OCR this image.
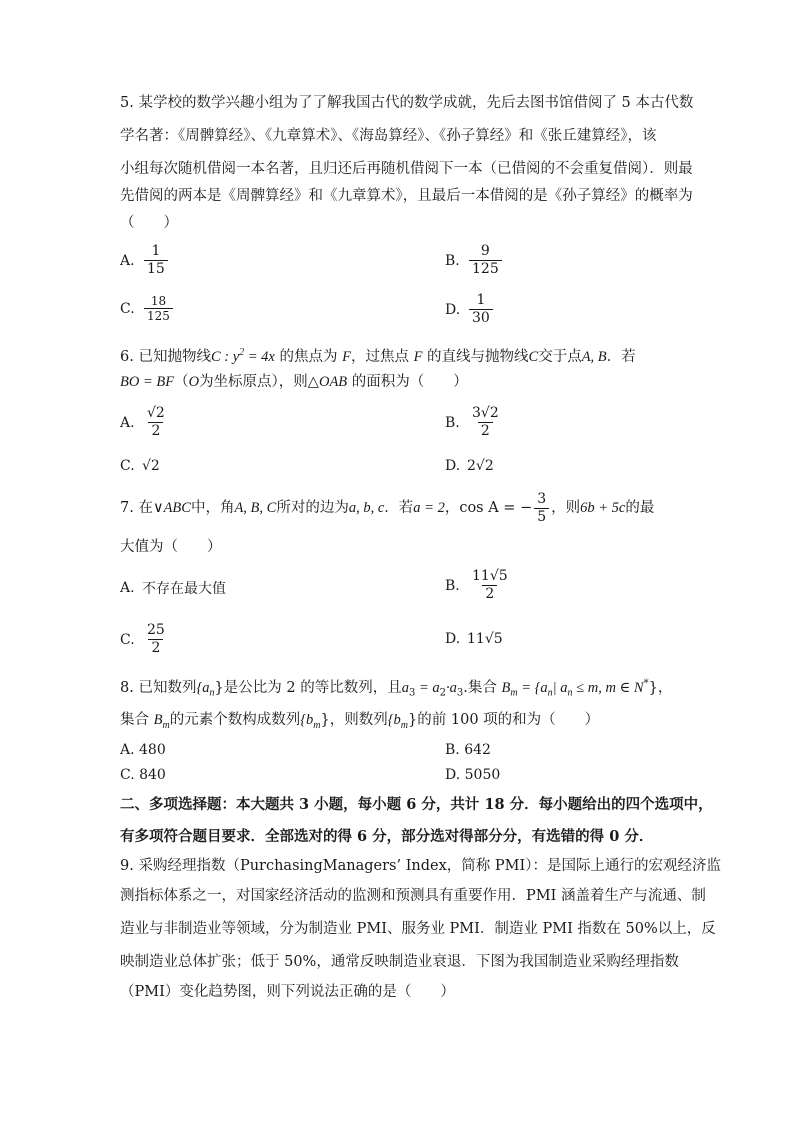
5. 某学校的数学兴趣小组为了了解我国古代的数学成就，先后去图书馆借阅了 5 本古代数
学名著：《周髀算经》、《九章算术》、《海岛算经》、《孙子算经》和《张丘建算经》，该
小组每次随机借阅一本名著，且归还后再随机借阅下一本（已借阅的不会重复借阅）．则最
先借阅的两本是《周髀算经》和《九章算术》，且最后一本借阅的是《孙子算经》的概率为
（　　）
A. $\frac{1}{15}$	B. $\frac{9}{125}$
C. $\frac{18}{125}$	D. $\frac{1}{30}$
6. 已知抛物线C : $y^2 = 4x$ 的焦点为 F，过焦点 F 的直线与抛物线C交于点A, B．若
BO = BF（O为坐标原点），则△OAB 的面积为（　　）
A. $\frac{√2}{2}$	B. $\frac{3√2}{2}$
C. √2	D. 2√2
7. 在∨ ABC 中，角 A, B, C 所对的边为 a, b, c ．若 a = 2 ， cos A = − $\frac{3}{5}$ ，则 6b + 5c 的最
大值为（　　）
A. 不存在最大值	B. $\frac{11√5}{2}$
C. $\frac{25}{2}$	D. 11√5
8. 已知数列$\{a_n\}$是公比为 2 的等比数列，且$a_3 = a_2\cdot a_3$.集合 $B_m = \{a_n|$ $a_n \le m$, m ∈ N*}，
集合 $B_m$的元素个数构成数列$\{b_m\}$，则数列$\{b_m\}$的前 100 项的和为（　　）
A. 480	B. 642
C. 840	D. 5050
二、多项选择题：本大题共 3 小题，每小题 6 分，共计 18 分．每小题给出的四个选项中，
有多项符合题目要求．全部选对的得 6 分，部分选对得部分分，有选错的得 0 分．
9. 采购经理指数（PurchasingManagers’ Index，简称 PMI）：是国际上通行的宏观经济监
测指标体系之一，对国家经济活动的监测和预测具有重要作用．PMI 涵盖着生产与流通、制
造业与非制造业等领域，分为制造业 PMI、服务业 PMI．制造业 PMI 指数在 50%以上，反
映制造业总体扩张；低于 50%，通常反映制造业衰退．下图为我国制造业采购经理指数
（PMI）变化趋势图，则下列说法正确的是（　　）
